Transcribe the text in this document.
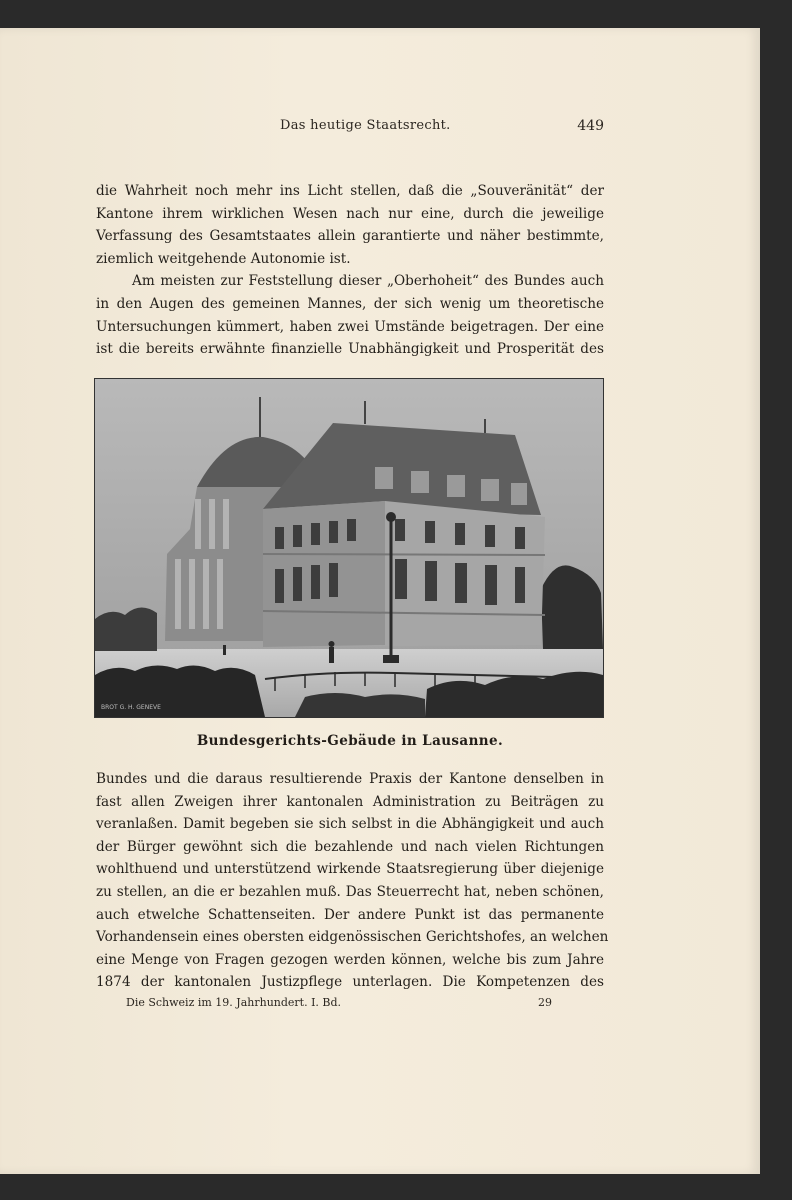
Das heutige Staatsrecht.	449

die Wahrheit noch mehr ins Licht stellen, daß die „Souveränität“ der
Kantone ihrem wirklichen Wesen nach nur eine, durch die jeweilige
Verfassung des Gesamtstaates allein garantierte und näher bestimmte,
ziemlich weitgehende Autonomie ist.

Am meisten zur Feststellung dieser „Oberhoheit“ des Bundes auch
in den Augen des gemeinen Mannes, der sich wenig um theoretische
Untersuchungen kümmert, haben zwei Umstände beigetragen. Der eine
ist die bereits erwähnte finanzielle Unabhängigkeit und Prosperität des

BROT G. H. GENEVE
Bundesgerichts-Gebäude in Lausanne.

Bundes und die daraus resultierende Praxis der Kantone denselben in
fast allen Zweigen ihrer kantonalen Administration zu Beiträgen zu
veranlaßen. Damit begeben sie sich selbst in die Abhängigkeit und auch
der Bürger gewöhnt sich die bezahlende und nach vielen Richtungen
wohlthuend und unterstützend wirkende Staatsregierung über diejenige
zu stellen, an die er bezahlen muß. Das Steuerrecht hat, neben schönen,
auch etwelche Schattenseiten. Der andere Punkt ist das permanente
Vorhandensein eines obersten eidgenössischen Gerichtshofes, an welchen
eine Menge von Fragen gezogen werden können, welche bis zum Jahre
1874 der kantonalen Justizpflege unterlagen. Die Kompetenzen des

Die Schweiz im 19. Jahrhundert. I. Bd.	29
